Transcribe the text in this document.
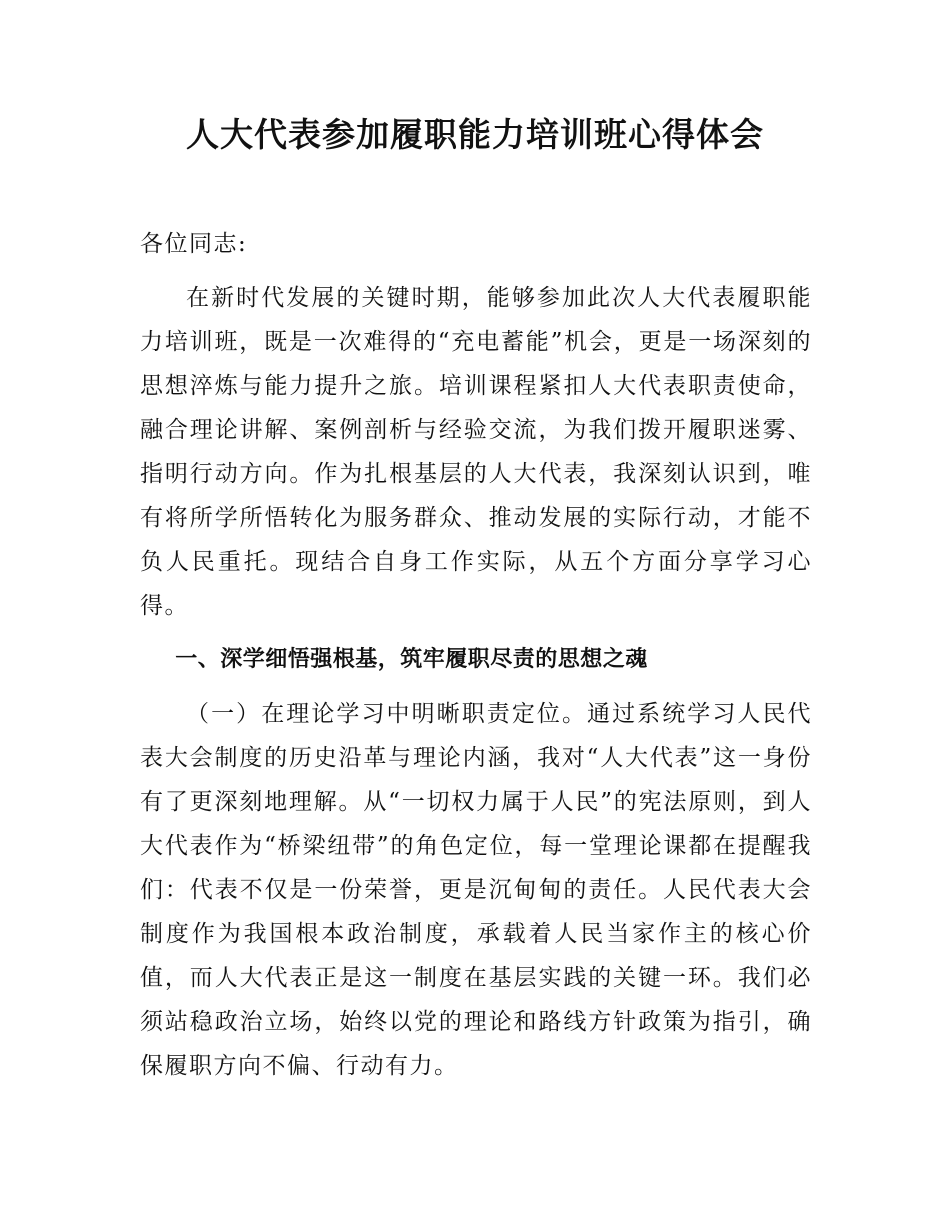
人大代表参加履职能力培训班心得体会

各位同志:

在新时代发展的关键时期，能够参加此次人大代表履职能力培训班，既是一次难得的“充电蓄能”机会，更是一场深刻的思想淬炼与能力提升之旅。培训课程紧扣人大代表职责使命，融合理论讲解、案例剖析与经验交流，为我们拨开履职迷雾、指明行动方向。作为扎根基层的人大代表，我深刻认识到，唯有将所学所悟转化为服务群众、推动发展的实际行动，才能不负人民重托。现结合自身工作实际，从五个方面分享学习心得。

一、深学细悟强根基，筑牢履职尽责的思想之魂

（一）在理论学习中明晰职责定位。通过系统学习人民代表大会制度的历史沿革与理论内涵，我对“人大代表”这一身份有了更深刻地理解。从“一切权力属于人民”的宪法原则，到人大代表作为“桥梁纽带”的角色定位，每一堂理论课都在提醒我们：代表不仅是一份荣誉，更是沉甸甸的责任。人民代表大会制度作为我国根本政治制度，承载着人民当家作主的核心价值，而人大代表正是这一制度在基层实践的关键一环。我们必须站稳政治立场，始终以党的理论和路线方针政策为指引，确保履职方向不偏、行动有力。
